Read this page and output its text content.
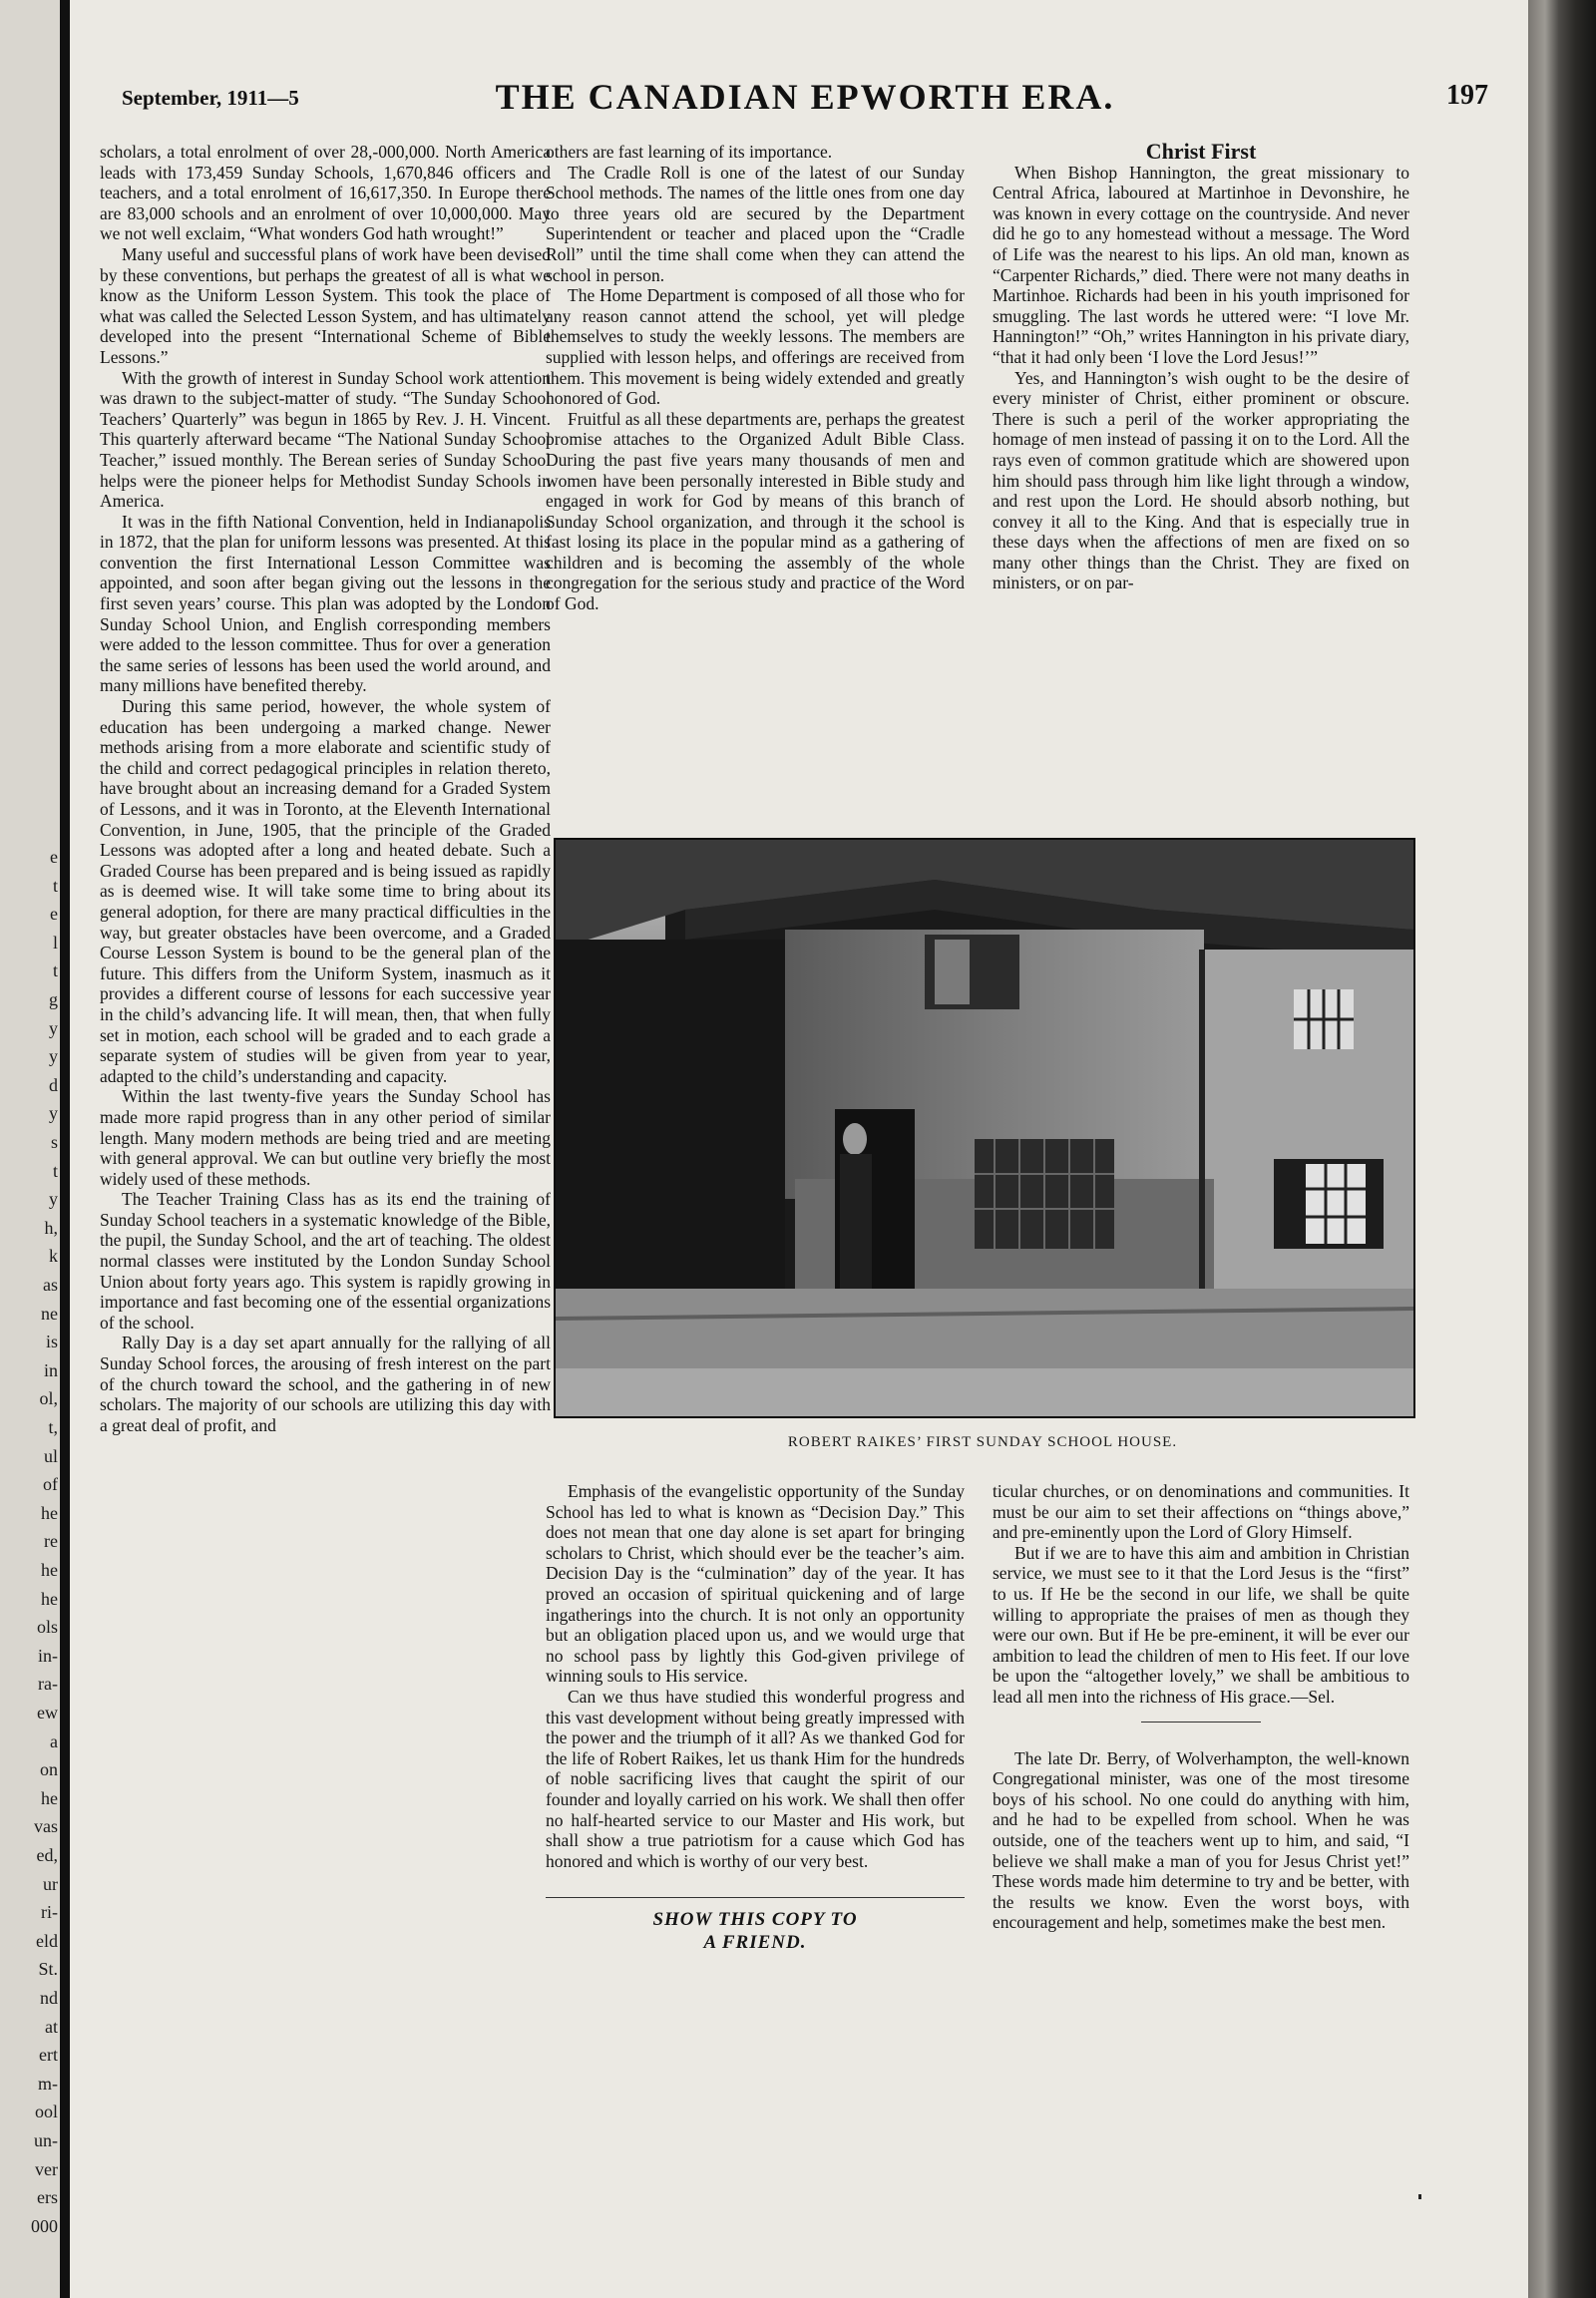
e
t
e
l
t
g
y
y
d
y
s
t
y
h,
k
as
ne
is
in
ol,
t,
ul
of
he
re
he
he
ols
in-
ra-
ew
a
on
he
vas
ed,
ur
ri-
eld
St.
nd
at
ert
m-
ool
un-
ver
ers
000
September, 1911—5	THE CANADIAN EPWORTH ERA.	197

scholars, a total enrolment of over 28,-000,000. North America leads with 173,459 Sunday Schools, 1,670,846 officers and teachers, and a total enrolment of 16,617,350. In Europe there are 83,000 schools and an enrolment of over 10,000,000. May we not well exclaim, “What wonders God hath wrought!”

Many useful and successful plans of work have been devised by these conventions, but perhaps the greatest of all is what we know as the Uniform Lesson System. This took the place of what was called the Selected Lesson System, and has ultimately developed into the present “International Scheme of Bible Lessons.”

With the growth of interest in Sunday School work attention was drawn to the subject-matter of study. “The Sunday School Teachers’ Quarterly” was begun in 1865 by Rev. J. H. Vincent. This quarterly afterward became “The National Sunday School Teacher,” issued monthly. The Berean series of Sunday School helps were the pioneer helps for Methodist Sunday Schools in America.

It was in the fifth National Convention, held in Indianapolis in 1872, that the plan for uniform lessons was presented. At this convention the first International Lesson Committee was appointed, and soon after began giving out the lessons in the first seven years’ course. This plan was adopted by the London Sunday School Union, and English corresponding members were added to the lesson committee. Thus for over a generation the same series of lessons has been used the world around, and many millions have benefited thereby.

During this same period, however, the whole system of education has been undergoing a marked change. Newer methods arising from a more elaborate and scientific study of the child and correct pedagogical principles in relation thereto, have brought about an increasing demand for a Graded System of Lessons, and it was in Toronto, at the Eleventh International Convention, in June, 1905, that the principle of the Graded Lessons was adopted after a long and heated debate. Such a Graded Course has been prepared and is being issued as rapidly as is deemed wise. It will take some time to bring about its general adoption, for there are many practical difficulties in the way, but greater obstacles have been overcome, and a Graded Course Lesson System is bound to be the general plan of the future. This differs from the Uniform System, inasmuch as it provides a different course of lessons for each successive year in the child’s advancing life. It will mean, then, that when fully set in motion, each school will be graded and to each grade a separate system of studies will be given from year to year, adapted to the child’s understanding and capacity.

Within the last twenty-five years the Sunday School has made more rapid progress than in any other period of similar length. Many modern methods are being tried and are meeting with general approval. We can but outline very briefly the most widely used of these methods.

The Teacher Training Class has as its end the training of Sunday School teachers in a systematic knowledge of the Bible, the pupil, the Sunday School, and the art of teaching. The oldest normal classes were instituted by the London Sunday School Union about forty years ago. This system is rapidly growing in importance and fast becoming one of the essential organizations of the school.

Rally Day is a day set apart annually for the rallying of all Sunday School forces, the arousing of fresh interest on the part of the church toward the school, and the gathering in of new scholars. The majority of our schools are utilizing this day with a great deal of profit, and

others are fast learning of its importance.

The Cradle Roll is one of the latest of our Sunday School methods. The names of the little ones from one day to three years old are secured by the Department Superintendent or teacher and placed upon the “Cradle Roll” until the time shall come when they can attend the school in person.

The Home Department is composed of all those who for any reason cannot attend the school, yet will pledge themselves to study the weekly lessons. The members are supplied with lesson helps, and offerings are received from them. This movement is being widely extended and greatly honored of God.

Fruitful as all these departments are, perhaps the greatest promise attaches to the Organized Adult Bible Class. During the past five years many thousands of men and women have been personally interested in Bible study and engaged in work for God by means of this branch of Sunday School organization, and through it the school is fast losing its place in the popular mind as a gathering of children and is becoming the assembly of the whole congregation for the serious study and practice of the Word of God.

Christ First

When Bishop Hannington, the great missionary to Central Africa, laboured at Martinhoe in Devonshire, he was known in every cottage on the countryside. And never did he go to any homestead without a message. The Word of Life was the nearest to his lips. An old man, known as “Carpenter Richards,” died. There were not many deaths in Martinhoe. Richards had been in his youth imprisoned for smuggling. The last words he uttered were: “I love Mr. Hannington!” “Oh,” writes Hannington in his private diary, “that it had only been ‘I love the Lord Jesus!’”

Yes, and Hannington’s wish ought to be the desire of every minister of Christ, either prominent or obscure. There is such a peril of the worker appropriating the homage of men instead of passing it on to the Lord. All the rays even of common gratitude which are showered upon him should pass through him like light through a window, and rest upon the Lord. He should absorb nothing, but convey it all to the King. And that is especially true in these days when the affections of men are fixed on so many other things than the Christ. They are fixed on ministers, or on par-

ROBERT RAIKES’ FIRST SUNDAY SCHOOL HOUSE.

Emphasis of the evangelistic opportunity of the Sunday School has led to what is known as “Decision Day.” This does not mean that one day alone is set apart for bringing scholars to Christ, which should ever be the teacher’s aim. Decision Day is the “culmination” day of the year. It has proved an occasion of spiritual quickening and of large ingatherings into the church. It is not only an opportunity but an obligation placed upon us, and we would urge that no school pass by lightly this God-given privilege of winning souls to His service.

Can we thus have studied this wonderful progress and this vast development without being greatly impressed with the power and the triumph of it all? As we thanked God for the life of Robert Raikes, let us thank Him for the hundreds of noble sacrificing lives that caught the spirit of our founder and loyally carried on his work. We shall then offer no half-hearted service to our Master and His work, but shall show a true patriotism for a cause which God has honored and which is worthy of our very best.

SHOW THIS COPY TO

A FRIEND.

ticular churches, or on denominations and communities. It must be our aim to set their affections on “things above,” and pre-eminently upon the Lord of Glory Himself.

But if we are to have this aim and ambition in Christian service, we must see to it that the Lord Jesus is the “first” to us. If He be the second in our life, we shall be quite willing to appropriate the praises of men as though they were our own. But if He be pre-eminent, it will be ever our ambition to lead the children of men to His feet. If our love be upon the “altogether lovely,” we shall be ambitious to lead all men into the richness of His grace.—Sel.

The late Dr. Berry, of Wolverhampton, the well-known Congregational minister, was one of the most tiresome boys of his school. No one could do anything with him, and he had to be expelled from school. When he was outside, one of the teachers went up to him, and said, “I believe we shall make a man of you for Jesus Christ yet!” These words made him determine to try and be better, with the results we know. Even the worst boys, with encouragement and help, sometimes make the best men.
